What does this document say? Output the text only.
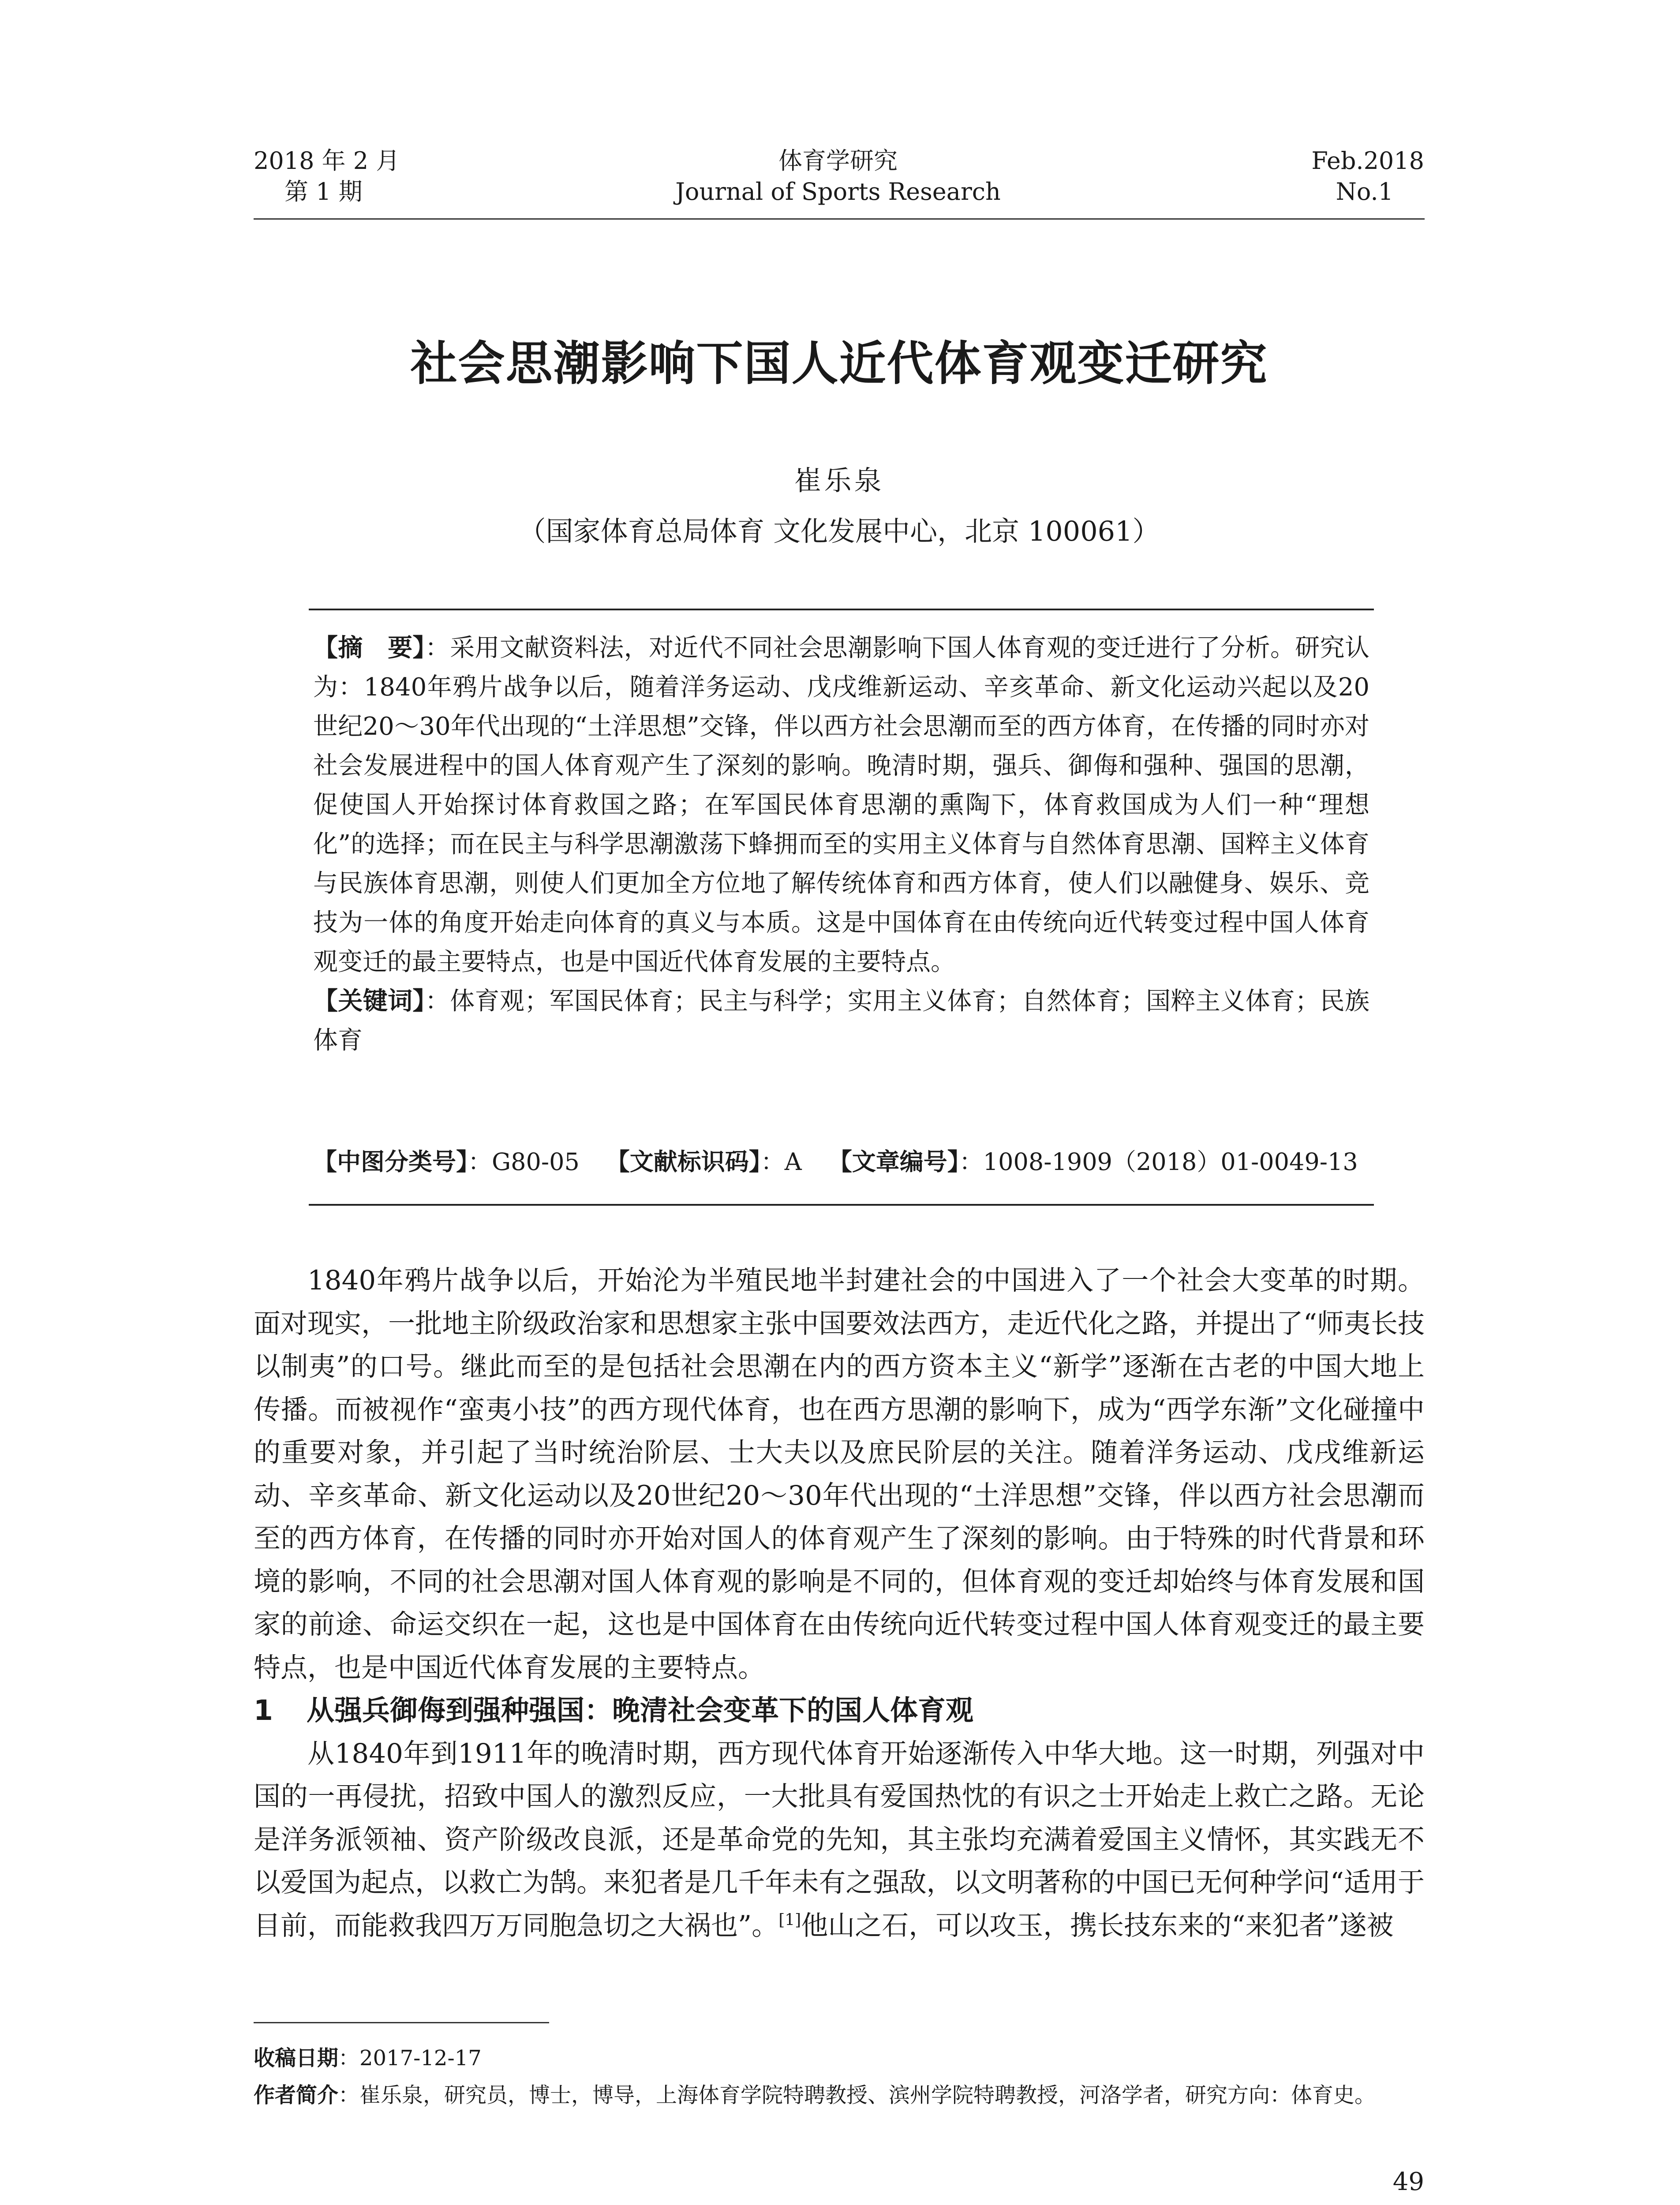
2018 年 2 月
第 1 期
体育学研究
Journal of Sports Research
Feb.2018
No.1
社会思潮影响下国人近代体育观变迁研究
崔乐泉
（国家体育总局体育 文化发展中心，北京 100061）

【摘　要】：采用文献资料法，对近代不同社会思潮影响下国人体育观的变迁进行了分析。研究认为：1840年鸦片战争以后，随着洋务运动、戊戌维新运动、辛亥革命、新文化运动兴起以及20世纪20～30年代出现的“土洋思想”交锋，伴以西方社会思潮而至的西方体育，在传播的同时亦对社会发展进程中的国人体育观产生了深刻的影响。晚清时期，强兵、御侮和强种、强国的思潮，促使国人开始探讨体育救国之路；在军国民体育思潮的熏陶下，体育救国成为人们一种“理想化”的选择；而在民主与科学思潮激荡下蜂拥而至的实用主义体育与自然体育思潮、国粹主义体育与民族体育思潮，则使人们更加全方位地了解传统体育和西方体育，使人们以融健身、娱乐、竞技为一体的角度开始走向体育的真义与本质。这是中国体育在由传统向近代转变过程中国人体育观变迁的最主要特点，也是中国近代体育发展的主要特点。

【关键词】：体育观；军国民体育；民主与科学；实用主义体育；自然体育；国粹主义体育；民族体育

【中图分类号】：G80-05 【文献标识码】：A 【文章编号】：1008-1909（2018）01-0049-13

1840年鸦片战争以后，开始沦为半殖民地半封建社会的中国进入了一个社会大变革的时期。面对现实，一批地主阶级政治家和思想家主张中国要效法西方，走近代化之路，并提出了“师夷长技以制夷”的口号。继此而至的是包括社会思潮在内的西方资本主义“新学”逐渐在古老的中国大地上传播。而被视作“蛮夷小技”的西方现代体育，也在西方思潮的影响下，成为“西学东渐”文化碰撞中的重要对象，并引起了当时统治阶层、士大夫以及庶民阶层的关注。随着洋务运动、戊戌维新运动、辛亥革命、新文化运动以及20世纪20～30年代出现的“土洋思想”交锋，伴以西方社会思潮而至的西方体育，在传播的同时亦开始对国人的体育观产生了深刻的影响。由于特殊的时代背景和环境的影响，不同的社会思潮对国人体育观的影响是不同的，但体育观的变迁却始终与体育发展和国家的前途、命运交织在一起，这也是中国体育在由传统向近代转变过程中国人体育观变迁的最主要特点，也是中国近代体育发展的主要特点。

1 从强兵御侮到强种强国：晚清社会变革下的国人体育观

从1840年到1911年的晚清时期，西方现代体育开始逐渐传入中华大地。这一时期，列强对中国的一再侵扰，招致中国人的激烈反应，一大批具有爱国热忱的有识之士开始走上救亡之路。无论是洋务派领袖、资产阶级改良派，还是革命党的先知，其主张均充满着爱国主义情怀，其实践无不以爱国为起点，以救亡为鹄。来犯者是几千年未有之强敌，以文明著称的中国已无何种学问“适用于目前，而能救我四万万同胞急切之大祸也”。[1]他山之石，可以攻玉，携长技东来的“来犯者”遂被

收稿日期：2017-12-17

作者简介：崔乐泉，研究员，博士，博导，上海体育学院特聘教授、滨州学院特聘教授，河洛学者，研究方向：体育史。

49
